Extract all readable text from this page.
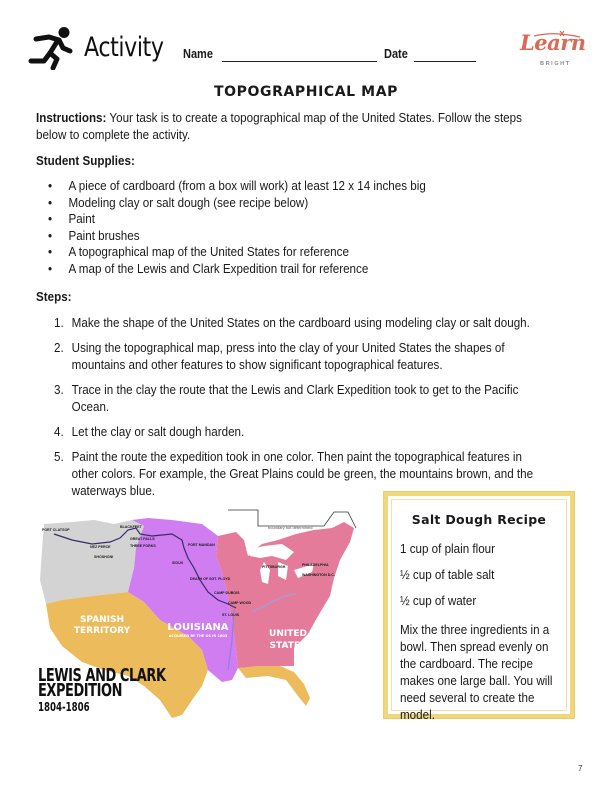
Activity Name	Date	Learn
BRIGHT
TOPOGRAPHICAL MAP
Instructions: Your task is to create a topographical map of the United States. Follow the steps below to complete the activity.
Student Supplies:
• A piece of cardboard (from a box will work) at least 12 x 14 inches big
• Modeling clay or salt dough (see recipe below)
• Paint
• Paint brushes
• A topographical map of the United States for reference
• A map of the Lewis and Clark Expedition trail for reference
Steps:
1. Make the shape of the United States on the cardboard using modeling clay or salt dough.
2. Using the topographical map, press into the clay of your United States the shapes of mountains and other features to show significant topographical features.
3. Trace in the clay the route that the Lewis and Clark Expedition took to get to the Pacific Ocean.
4. Let the clay or salt dough harden.
5. Paint the route the expedition took in one color. Then paint the topographical features in other colors. For example, the Great Plains could be green, the mountains brown, and the waterways blue.
boundary not determined
FORT CLATSOP
NEZ PERCE
SHOSHONI
BLACKFEET
GREAT FALLS
THREE FORKS	FORT MANDAN
SIOUX
DEATH OF SGT. FLOYD
CAMP DUBOIS
CAMP WOOD
ST. LOUIS
PITTSBURGH	PHILADELPHIA
WASHINGTON D.C.
SPANISH
TERRITORY	LOUISIANA
ACQUIRED BY THE US IN 1803	UNITED
STATES
LEWIS AND CLARK
EXPEDITION
1804-1806
Salt Dough Recipe
1 cup of plain flour
½ cup of table salt
½ cup of water
Mix the three ingredients in a bowl. Then spread evenly on the cardboard. The recipe makes one large ball. You will need several to create the model.
7
